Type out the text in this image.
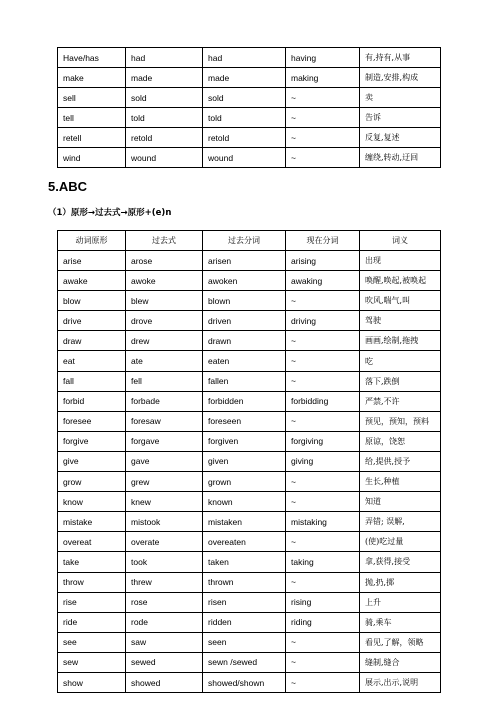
Have/has	had	had	having	有,持有,从事
make	made	made	making	制造,安排,构成
sell	sold	sold	~	卖
tell	told	told	~	告诉
retell	retold	retold	~	反复,复述
wind	wound	wound	~	缠绕,转动,迂回
5.ABC
（1）原形→过去式→原形+(e)n
动词原形	过去式	过去分词	现在分词	词义
arise	arose	arisen	arising	出现
awake	awoke	awoken	awaking	唤醒,唤起,被唤起
blow	blew	blown	~	吹风,喘气,叫
drive	drove	driven	driving	驾驶
draw	drew	drawn	~	画画,绘制,拖拽
eat	ate	eaten	~	吃
fall	fell	fallen	~	落下,跌倒
forbid	forbade	forbidden	forbidding	严禁,不许
foresee	foresaw	foreseen	~	预见，预知，预料
forgive	forgave	forgiven	forgiving	原谅，饶恕
give	gave	given	giving	给,提供,授予
grow	grew	grown	~	生长,种植
know	knew	known	~	知道
mistake	mistook	mistaken	mistaking	弄错; 误解,
overeat	overate	overeaten	~	(使)吃过量
take	took	taken	taking	拿,获得,接受
throw	threw	thrown	~	抛,扔,掷
rise	rose	risen	rising	上升
ride	rode	ridden	riding	骑,乘车
see	saw	seen	~	看见,了解，领略
sew	sewed	sewn /sewed	~	缝制,缝合
show	showed	showed/shown	~	展示,出示,说明
